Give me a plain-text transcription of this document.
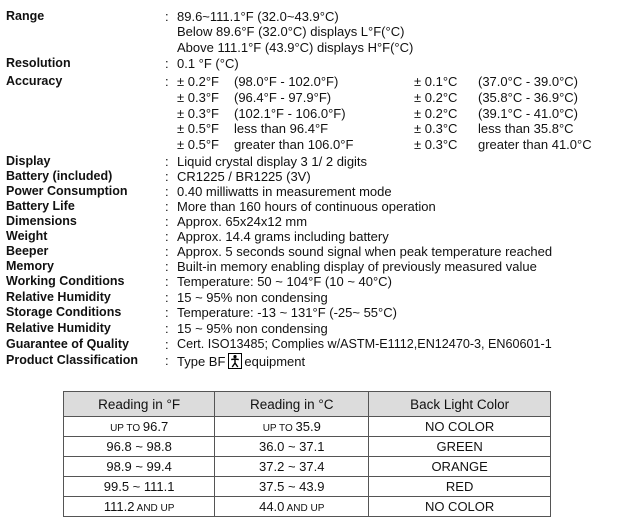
Range	: 89.6~111.1°F (32.0~43.9°C)
Below 89.6°F (32.0°C) displays L°F(°C)
Above 111.1°F (43.9°C) displays H°F(°C)
Resolution	: 0.1 °F (°C)
Accuracy	: ± 0.2°F (98.0°F - 102.0°F)	± 0.1°C (37.0°C - 39.0°C)
± 0.3°F (96.4°F - 97.9°F)	± 0.2°C (35.8°C - 36.9°C)
± 0.3°F (102.1°F - 106.0°F)	± 0.2°C (39.1°C - 41.0°C)
± 0.5°F less than 96.4°F	± 0.3°C less than 35.8°C
± 0.5°F greater than 106.0°F	± 0.3°C greater than 41.0°C
Display	: Liquid crystal display 3 1/ 2 digits
Battery (included)	: CR1225 / BR1225 (3V)
Power Consumption	: 0.40 milliwatts in measurement mode
Battery Life	: More than 160 hours of continuous operation
Dimensions	: Approx. 65x24x12 mm
Weight	: Approx. 14.4 grams including battery
Beeper	: Approx. 5 seconds sound signal when peak temperature reached
Memory	: Built-in memory enabling display of previously measured value
Working Conditions	: Temperature: 50 ~ 104°F (10 ~ 40°C)
Relative Humidity	: 15 ~ 95% non condensing
Storage Conditions	: Temperature: -13 ~ 131°F (-25~ 55°C)
Relative Humidity	: 15 ~ 95% non condensing
Guarantee of Quality	: Cert. ISO13485; Complies w/ASTM-E1112,EN12470-3, EN60601-1
Product Classification : Type BF equipment
Reading in °F	Reading in °C	Back Light Color
UP TO 96.7	UP TO 35.9	NO COLOR
96.8 ~ 98.8	36.0 ~ 37.1	GREEN
98.9 ~ 99.4	37.2 ~ 37.4	ORANGE
99.5 ~ 111.1	37.5 ~ 43.9	RED
111.2 AND UP	44.0 AND UP	NO COLOR
